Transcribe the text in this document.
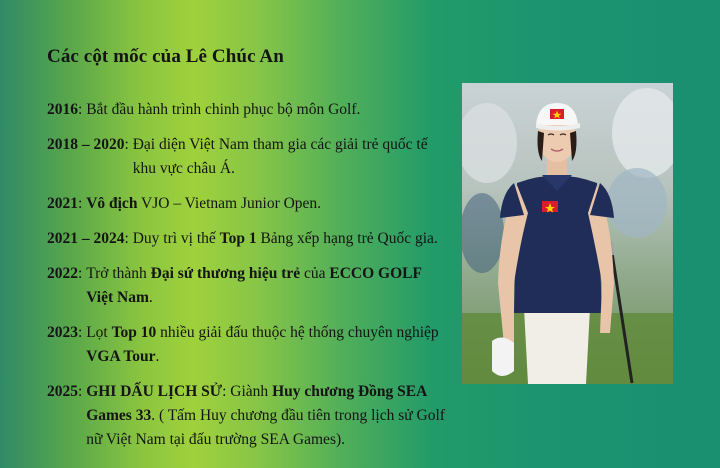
Các cột mốc của Lê Chúc An
2016 : Bắt đầu hành trình chinh phục bộ môn Golf.
2018 – 2020 : Đại diện Việt Nam tham gia các giải trẻ quốc tế khu vực châu Á.
2021 : Vô địch VJO – Vietnam Junior Open.
2021 – 2024 : Duy trì vị thế Top 1 Bảng xếp hạng trẻ Quốc gia.
2022 : Trở thành Đại sứ thương hiệu trẻ của ECCO GOLF Việt Nam.
2023 : Lọt Top 10 nhiều giải đấu thuộc hệ thống chuyên nghiệp VGA Tour.
2025 : GHI DẤU LỊCH SỬ: Giành Huy chương Đồng SEA Games 33. ( Tấm Huy chương đầu tiên trong lịch sử Golf nữ Việt Nam tại đấu trường SEA Games).
